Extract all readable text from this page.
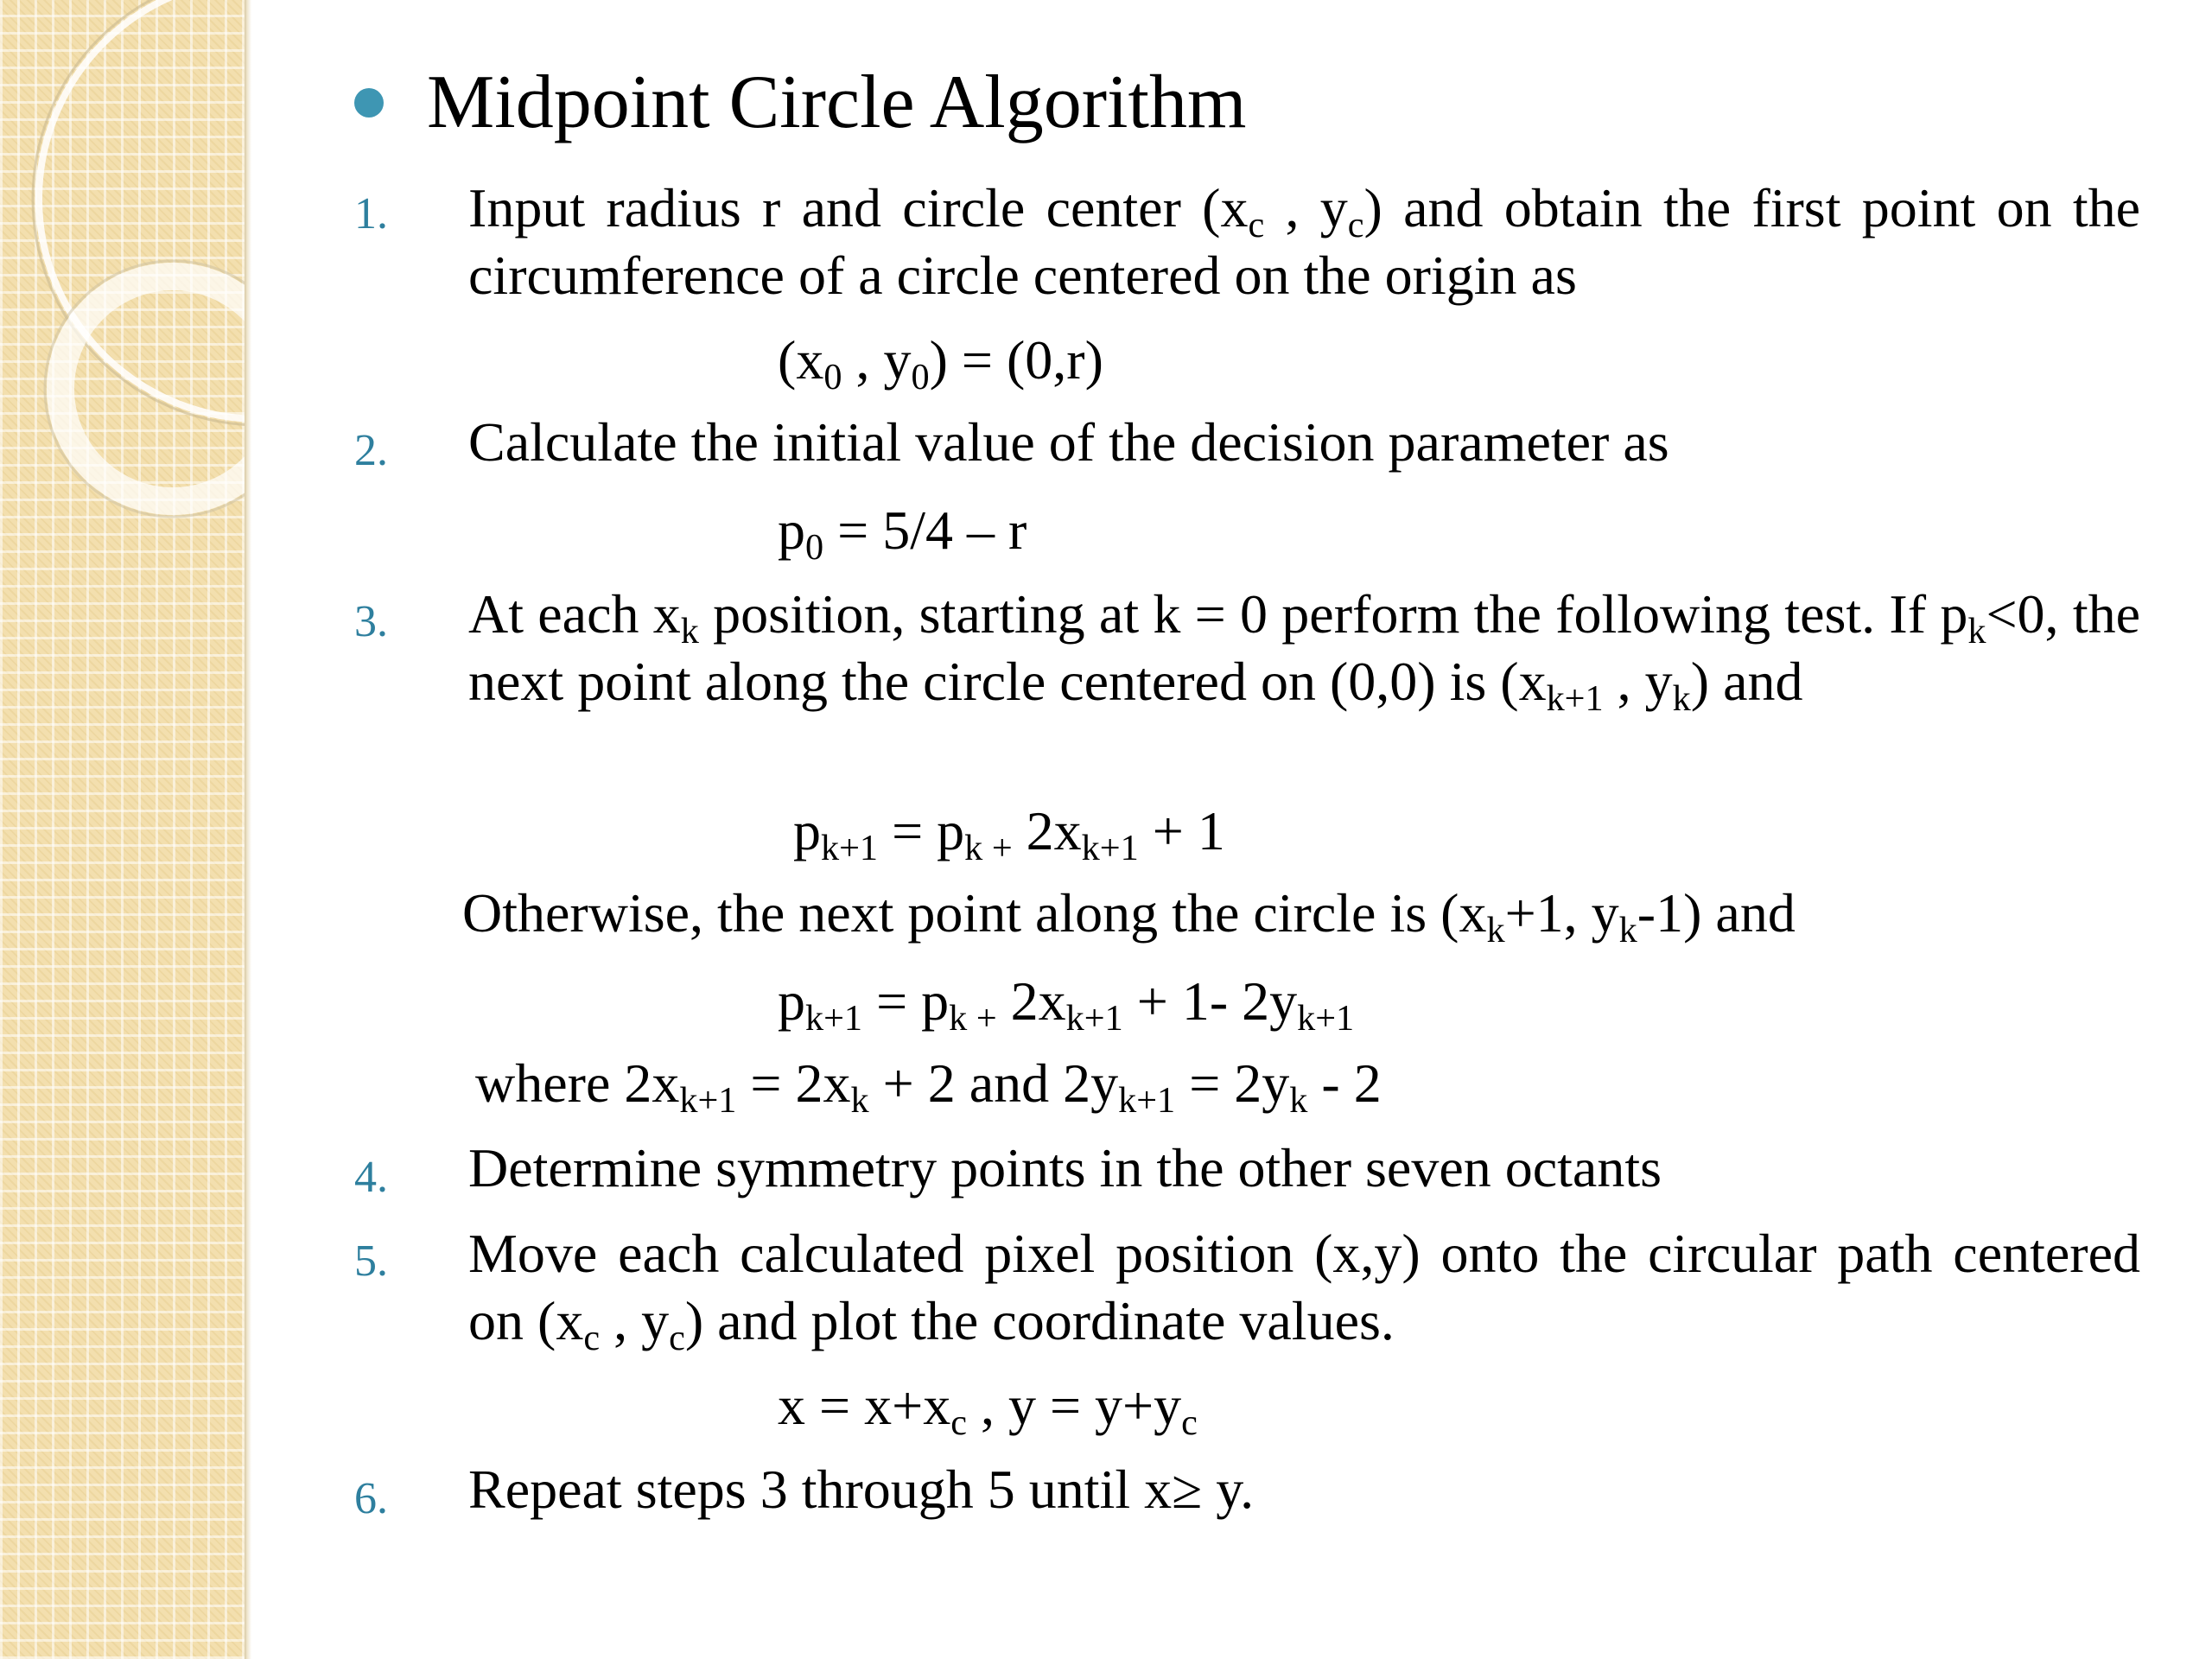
Midpoint Circle Algorithm
1. Input radius r and circle center ($x_c$ , $y_c$) and obtain the first point on the circumference of a circle centered on the origin as
($x_0$ , $y_0) = (0,r)$
2. Calculate the initial value of the decision parameter as
$p_0 = 5/4 - r$
3. At each $x_k$ position, starting at k = 0 perform the following test. If $p_k<0$, the next point along the circle centered on (0,0) is ($x_{k+1}$ , $y_k$) and
$p_{k+1} = p_{k +}$ $2x_{k+1} + 1$
Otherwise, the next point along the circle is ($x_k+1$, $y_k-1$) and
$p_{k+1} = p_{k +}$ $2x_{k+1} + 1-$ $2y_{k+1}$
where $2x_{k+1} = 2x_k + 2$ and $2y_{k+1} = 2y_k - 2$
4. Determine symmetry points in the other seven octants
5. Move each calculated pixel position (x,y) onto the circular path centered on ($x_c$ , $y_c$) and plot the coordinate values.
$x = x+x_c$ , $y = y+y_c$
6. Repeat steps 3 through 5 until x≥ y.
